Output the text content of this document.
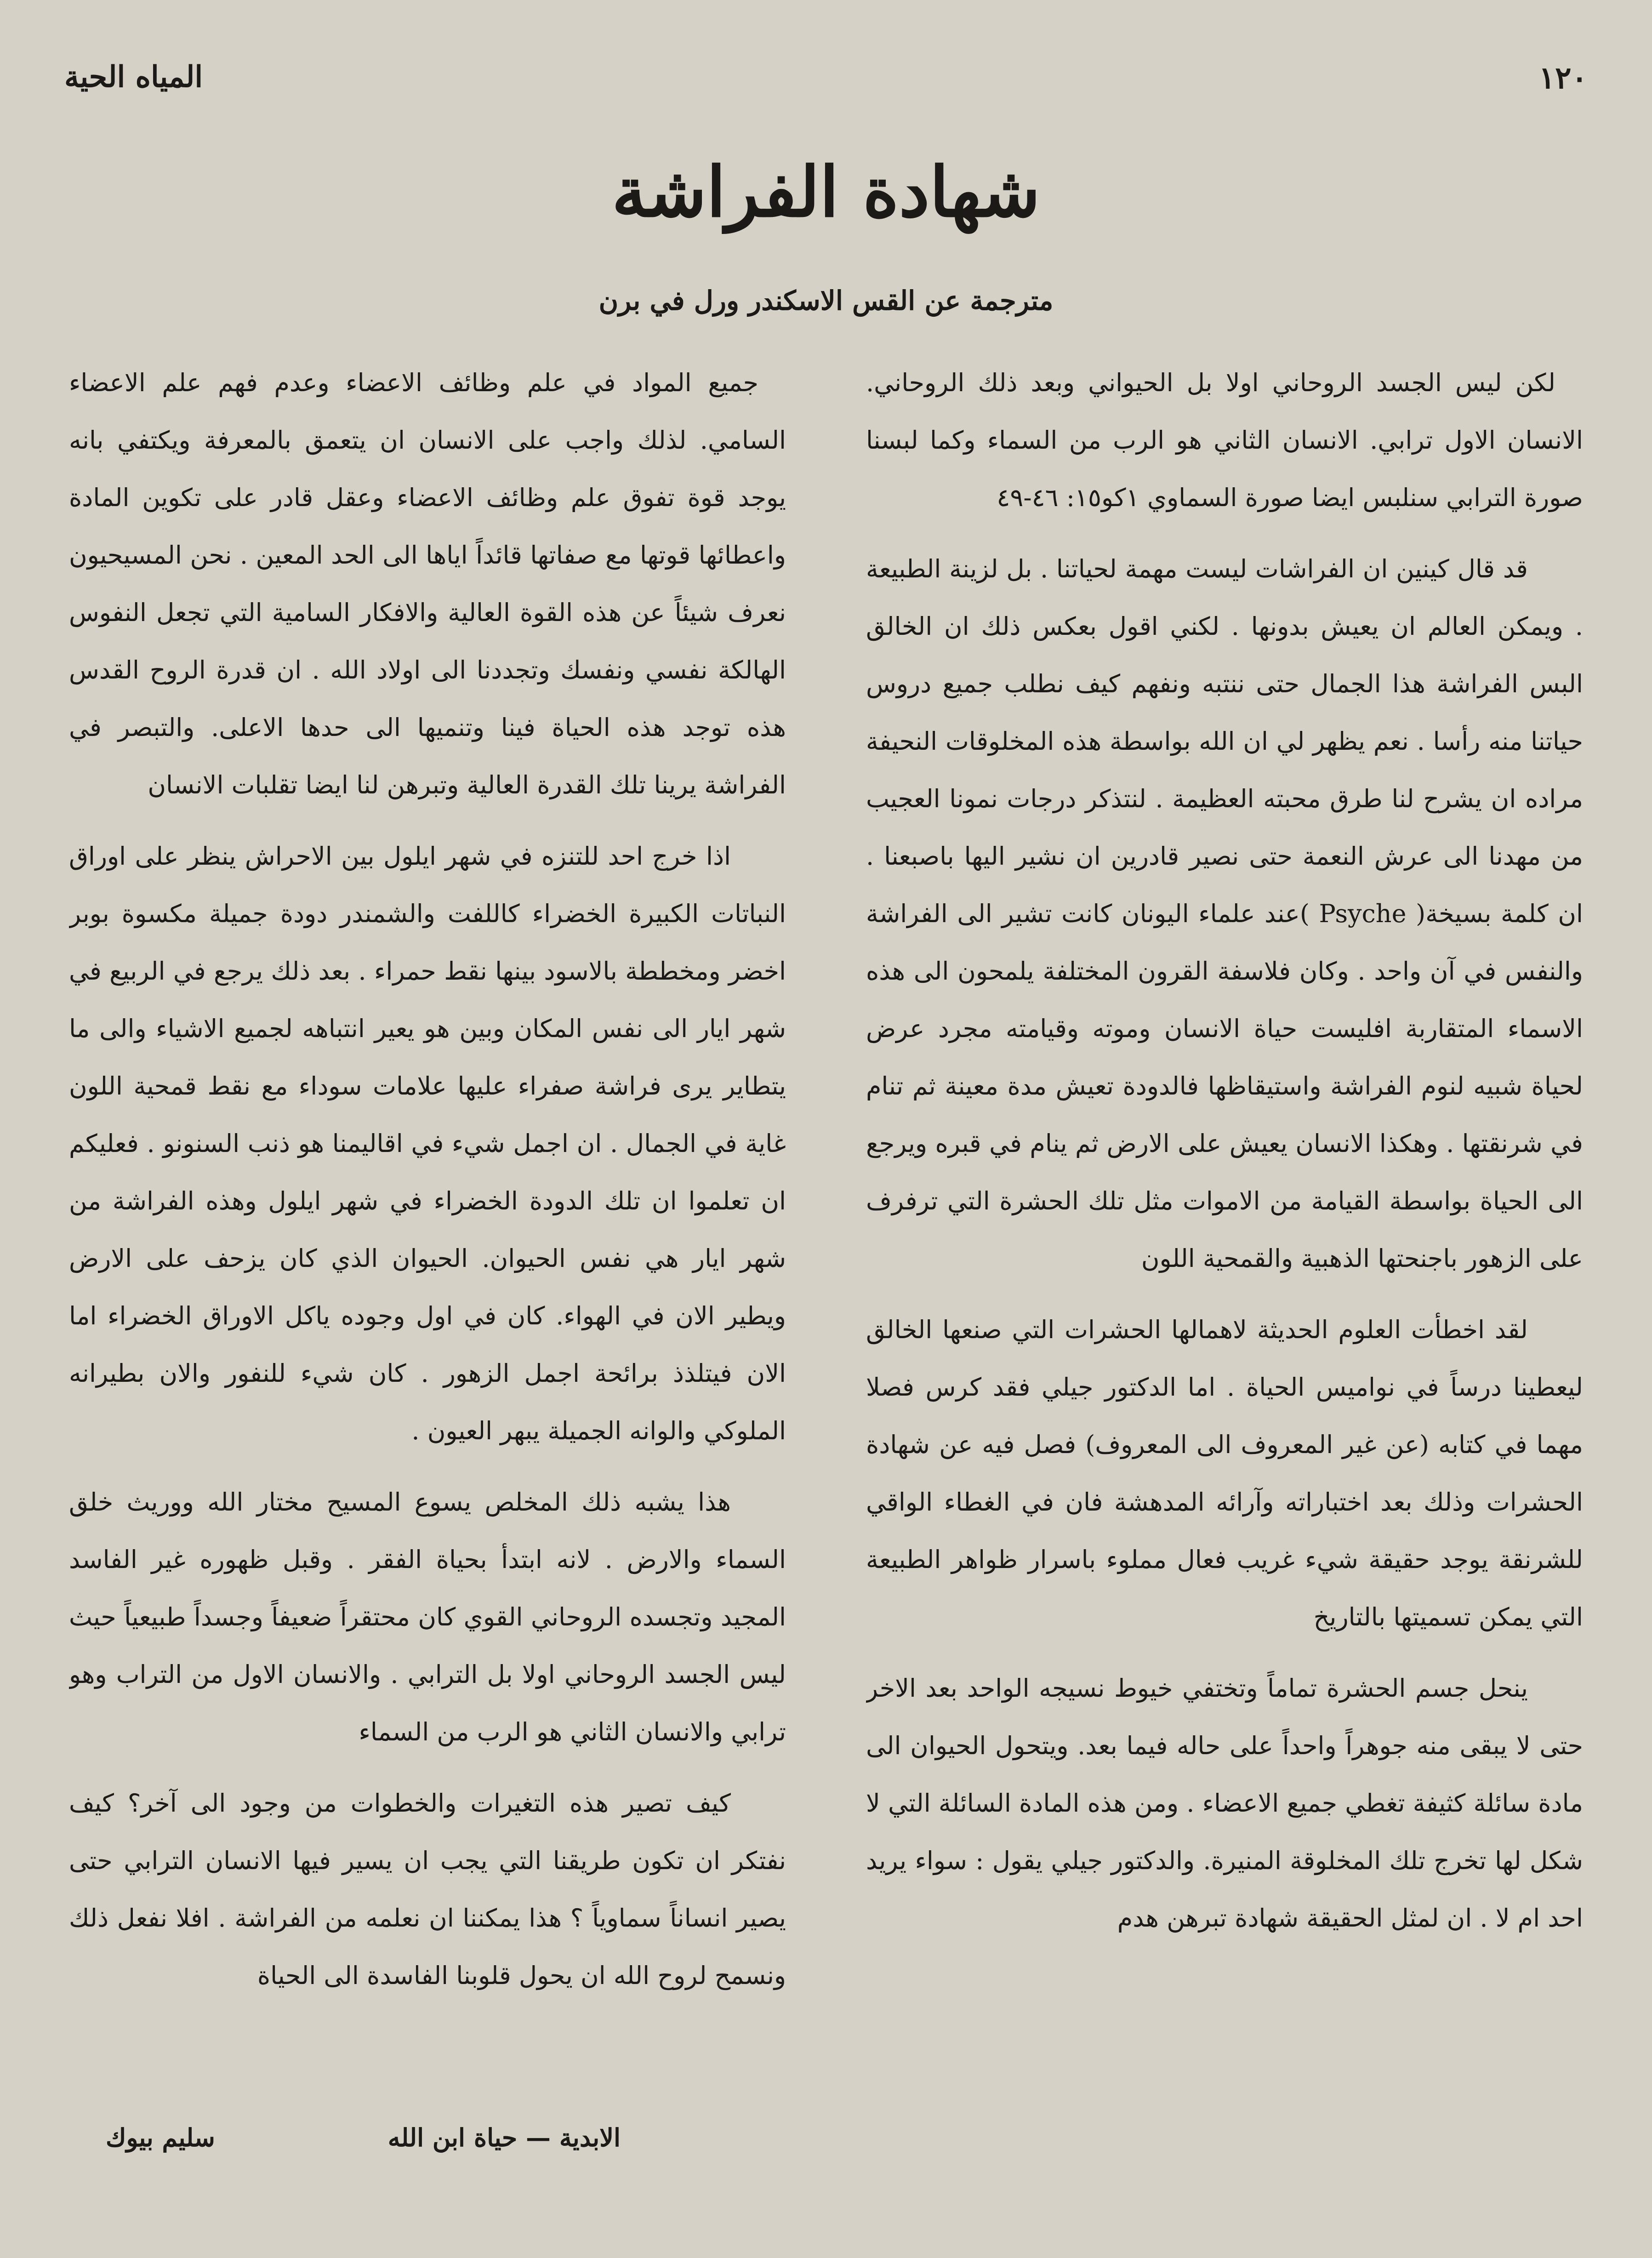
المياه الحية	١٢٠
شهادة الفراشة
مترجمة عن القس الاسكندر ورل في برن

لكن ليس الجسد الروحاني اولا بل الحيواني وبعد ذلك الروحاني. الانسان الاول ترابي. الانسان الثاني هو الرب من السماء وكما لبسنا صورة الترابي سنلبس ايضا صورة السماوي ١كو١٥: ٤٦-٤٩

قد قال كينين ان الفراشات ليست مهمة لحياتنا . بل لزينة الطبيعة . ويمكن العالم ان يعيش بدونها . لكني اقول بعكس ذلك ان الخالق البس الفراشة هذا الجمال حتى ننتبه ونفهم كيف نطلب جميع دروس حياتنا منه رأسا . نعم يظهر لي ان الله بواسطة هذه المخلوقات النحيفة مراده ان يشرح لنا طرق محبته العظيمة . لنتذكر درجات نمونا العجيب من مهدنا الى عرش النعمة حتى نصير قادرين ان نشير اليها باصبعنا . ان كلمة بسيخة( Psyche )عند علماء اليونان كانت تشير الى الفراشة والنفس في آن واحد . وكان فلاسفة القرون المختلفة يلمحون الى هذه الاسماء المتقاربة افليست حياة الانسان وموته وقيامته مجرد عرض لحياة شبيه لنوم الفراشة واستيقاظها فالدودة تعيش مدة معينة ثم تنام في شرنقتها . وهكذا الانسان يعيش على الارض ثم ينام في قبره ويرجع الى الحياة بواسطة القيامة من الاموات مثل تلك الحشرة التي ترفرف على الزهور باجنحتها الذهبية والقمحية اللون

لقد اخطأت العلوم الحديثة لاهمالها الحشرات التي صنعها الخالق ليعطينا درساً في نواميس الحياة . اما الدكتور جيلي فقد كرس فصلا مهما في كتابه (عن غير المعروف الى المعروف) فصل فيه عن شهادة الحشرات وذلك بعد اختباراته وآرائه المدهشة فان في الغطاء الواقي للشرنقة يوجد حقيقة شيء غريب فعال مملوء باسرار ظواهر الطبيعة التي يمكن تسميتها بالتاريخ

ينحل جسم الحشرة تماماً وتختفي خيوط نسيجه الواحد بعد الاخر حتى لا يبقى منه جوهراً واحداً على حاله فيما بعد. ويتحول الحيوان الى مادة سائلة كثيفة تغطي جميع الاعضاء . ومن هذه المادة السائلة التي لا شكل لها تخرج تلك المخلوقة المنيرة. والدكتور جيلي يقول : سواء يريد احد ام لا . ان لمثل الحقيقة شهادة تبرهن هدم

جميع المواد في علم وظائف الاعضاء وعدم فهم علم الاعضاء السامي. لذلك واجب على الانسان ان يتعمق بالمعرفة ويكتفي بانه يوجد قوة تفوق علم وظائف الاعضاء وعقل قادر على تكوين المادة واعطائها قوتها مع صفاتها قائداً اياها الى الحد المعين . نحن المسيحيون نعرف شيئاً عن هذه القوة العالية والافكار السامية التي تجعل النفوس الهالكة نفسي ونفسك وتجددنا الى اولاد الله . ان قدرة الروح القدس هذه توجد هذه الحياة فينا وتنميها الى حدها الاعلى. والتبصر في الفراشة يرينا تلك القدرة العالية وتبرهن لنا ايضا تقلبات الانسان

اذا خرج احد للتنزه في شهر ايلول بين الاحراش ينظر على اوراق النباتات الكبيرة الخضراء كاللفت والشمندر دودة جميلة مكسوة بوبر اخضر ومخططة بالاسود بينها نقط حمراء . بعد ذلك يرجع في الربيع في شهر ايار الى نفس المكان وبين هو يعير انتباهه لجميع الاشياء والى ما يتطاير يرى فراشة صفراء عليها علامات سوداء مع نقط قمحية اللون غاية في الجمال . ان اجمل شيء في اقاليمنا هو ذنب السنونو . فعليكم ان تعلموا ان تلك الدودة الخضراء في شهر ايلول وهذه الفراشة من شهر ايار هي نفس الحيوان. الحيوان الذي كان يزحف على الارض ويطير الان في الهواء. كان في اول وجوده ياكل الاوراق الخضراء اما الان فيتلذذ برائحة اجمل الزهور . كان شيء للنفور والان بطيرانه الملوكي والوانه الجميلة يبهر العيون .

هذا يشبه ذلك المخلص يسوع المسيح مختار الله ووريث خلق السماء والارض . لانه ابتدأ بحياة الفقر . وقبل ظهوره غير الفاسد المجيد وتجسده الروحاني القوي كان محتقراً ضعيفاً وجسداً طبيعياً حيث ليس الجسد الروحاني اولا بل الترابي . والانسان الاول من التراب وهو ترابي والانسان الثاني هو الرب من السماء

كيف تصير هذه التغيرات والخطوات من وجود الى آخر؟ كيف نفتكر ان تكون طريقنا التي يجب ان يسير فيها الانسان الترابي حتى يصير انساناً سماوياً ؟ هذا يمكننا ان نعلمه من الفراشة . افلا نفعل ذلك ونسمح لروح الله ان يحول قلوبنا الفاسدة الى الحياة

الابدية — حياة ابن الله
سليم بيوك
